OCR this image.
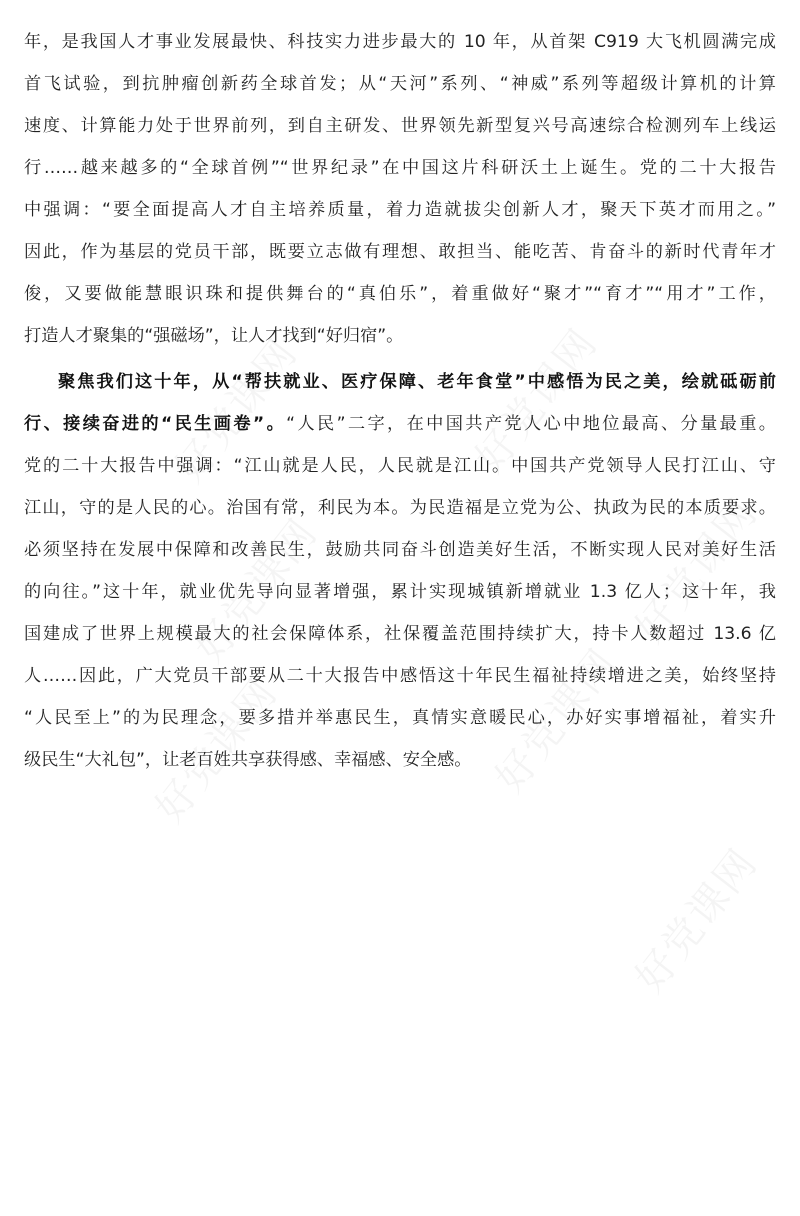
年，是我国人才事业发展最快、科技实力进步最大的 10 年，从首架 C919 大飞机圆满完成
首飞试验，到抗肿瘤创新药全球首发；从“天河”系列、“神威”系列等超级计算机的计算
速度、计算能力处于世界前列，到自主研发、世界领先新型复兴号高速综合检测列车上线运
行……越来越多的“全球首例”“世界纪录”在中国这片科研沃土上诞生。党的二十大报告
中强调：“要全面提高人才自主培养质量，着力造就拔尖创新人才，聚天下英才而用之。”
因此，作为基层的党员干部，既要立志做有理想、敢担当、能吃苦、肯奋斗的新时代青年才
俊，又要做能慧眼识珠和提供舞台的“真伯乐”，着重做好“聚才”“育才”“用才”工作，
打造人才聚集的“强磁场”，让人才找到“好归宿”。
聚焦我们这十年，从“帮扶就业、医疗保障、老年食堂”中感悟为民之美，绘就砥砺前
行、接续奋进的“民生画卷”。“人民”二字，在中国共产党人心中地位最高、分量最重。
党的二十大报告中强调：“江山就是人民，人民就是江山。中国共产党领导人民打江山、守
江山，守的是人民的心。治国有常，利民为本。为民造福是立党为公、执政为民的本质要求。
必须坚持在发展中保障和改善民生，鼓励共同奋斗创造美好生活，不断实现人民对美好生活
的向往。”这十年，就业优先导向显著增强，累计实现城镇新增就业 1.3 亿人；这十年，我
国建成了世界上规模最大的社会保障体系，社保覆盖范围持续扩大，持卡人数超过 13.6 亿
人……因此，广大党员干部要从二十大报告中感悟这十年民生福祉持续增进之美，始终坚持
“人民至上”的为民理念，要多措并举惠民生，真情实意暖民心，办好实事增福祉，着实升
级民生“大礼包”，让老百姓共享获得感、幸福感、安全感。
